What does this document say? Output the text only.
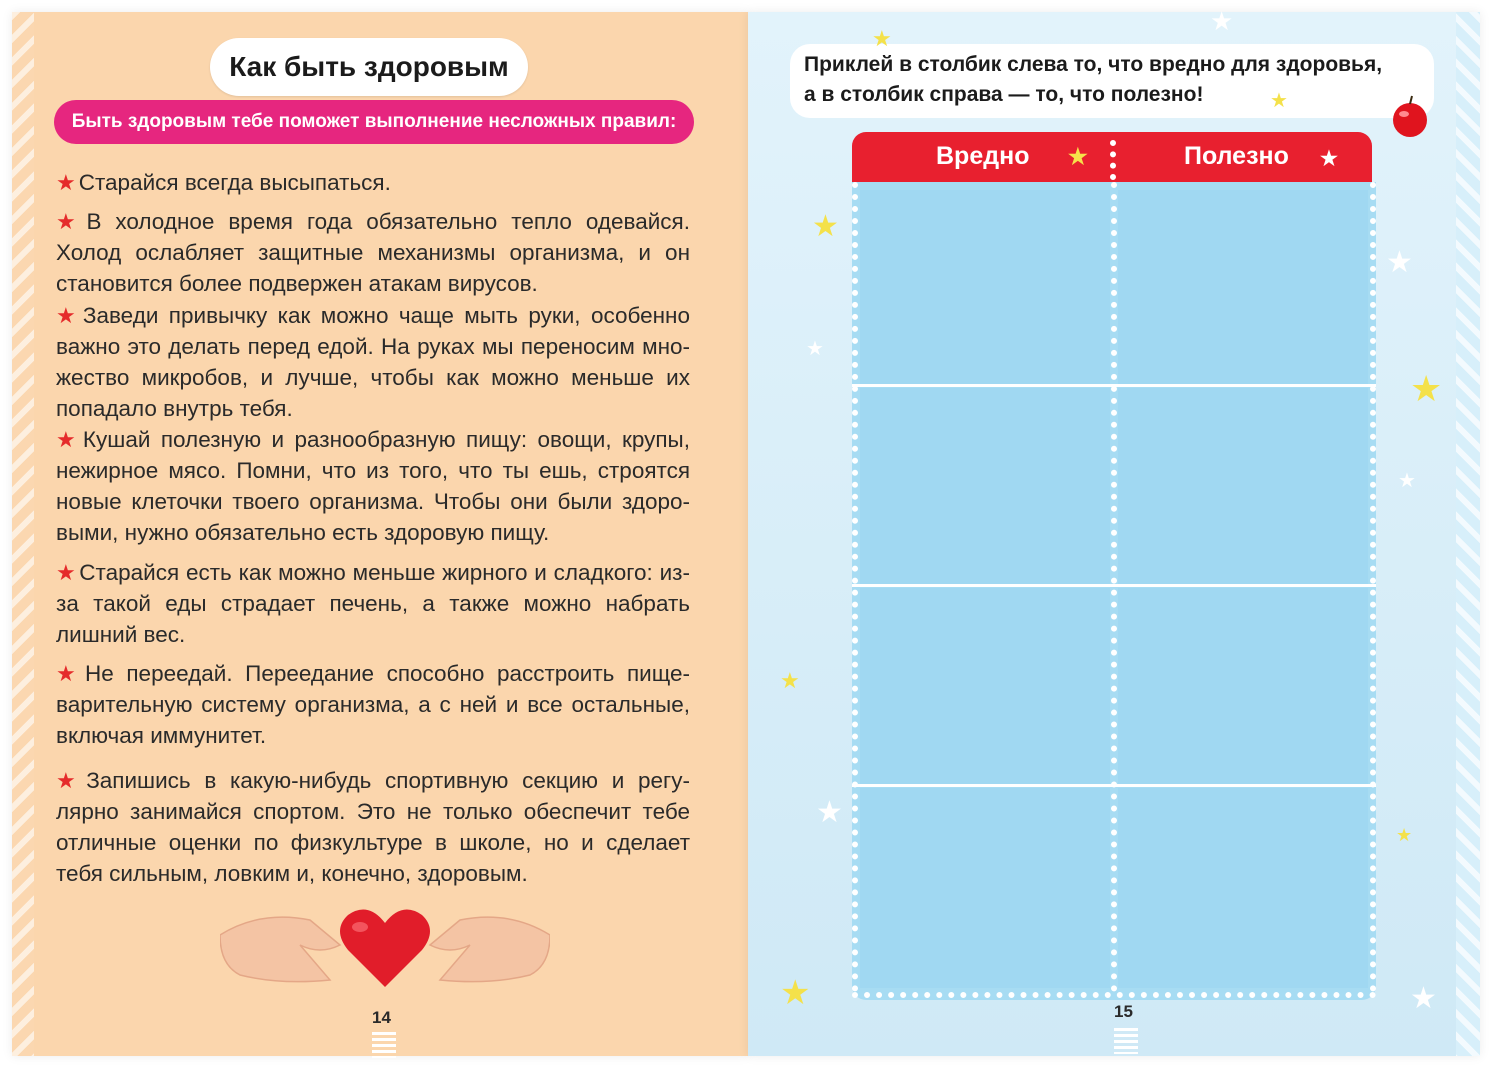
Как быть здоровым
Быть здоровым тебе поможет выполнение несложных правил:
★ Старайся всегда высыпаться.
★ В холодное время года обязательно тепло одевайся. Холод ослабляет защитные механизмы организма, и он становится более подвержен атакам вирусов.
★ Заведи привычку как можно чаще мыть руки, особенно важно это делать перед едой. На руках мы переносим мно-жество микробов, и лучше, чтобы как можно меньше их попадало внутрь тебя.
★ Кушай полезную и разнообразную пищу: овощи, крупы, нежирное мясо. Помни, что из того, что ты ешь, строятся новые клеточки твоего организма. Чтобы они были здоро-выми, нужно обязательно есть здоровую пищу.
★ Старайся есть как можно меньше жирного и сладкого: из-за такой еды страдает печень, а также можно набрать лишний вес.
★ Не переедай. Переедание способно расстроить пище-варительную систему организма, а с ней и все остальные, включая иммунитет.
★ Запишись в какую-нибудь спортивную секцию и регу-лярно занимайся спортом. Это не только обеспечит тебе отличные оценки по физкультуре в школе, но и сделает тебя сильным, ловким и, конечно, здоровым.
14
Приклей в столбик слева то, что вредно для здоровья,
а в столбик справа — то, что полезно!
Вредно ★	Полезно ★
★
★
★
★
★
★
★
★
★
★
★
★
★
15
